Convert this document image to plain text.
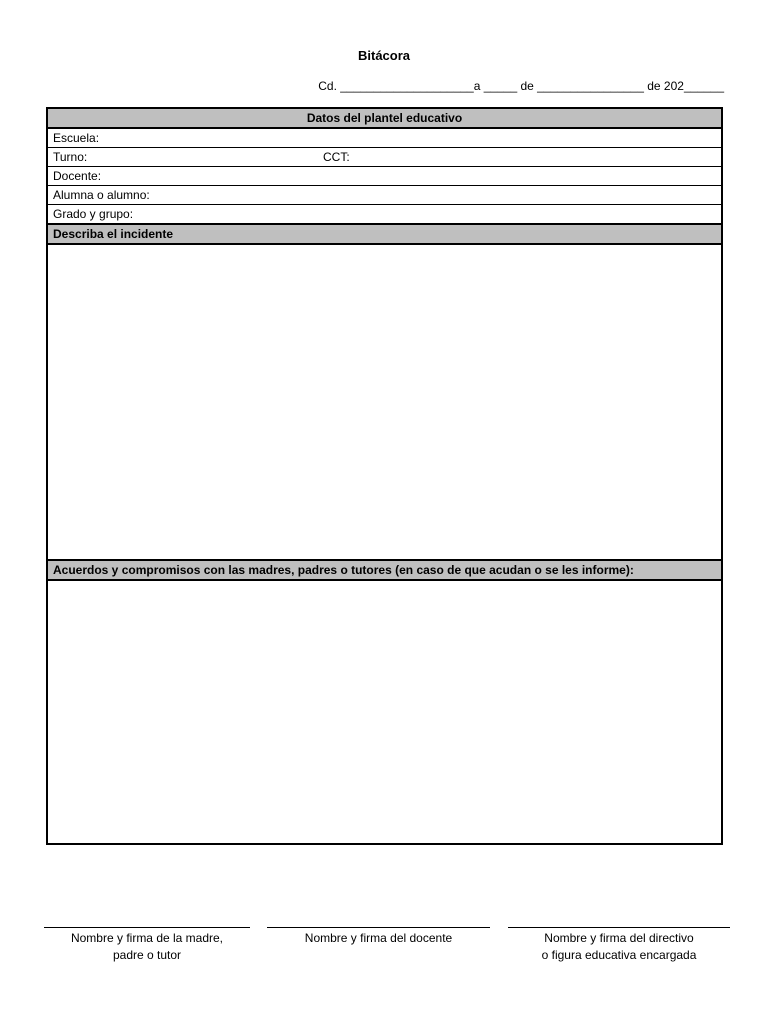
Bitácora
Cd. ____________________a _____ de ________________ de 202______
Datos del plantel educativo
Escuela:
Turno:	CCT:

Docente:
Alumna o alumno:
Grado y grupo:
Describa el incidente

Acuerdos y compromisos con las madres, padres o tutores (en caso de que acudan o se les informe):

Nombre y firma de la madre,
padre o tutor
Nombre y firma del docente	Nombre y firma del directivo
o figura educativa encargada
